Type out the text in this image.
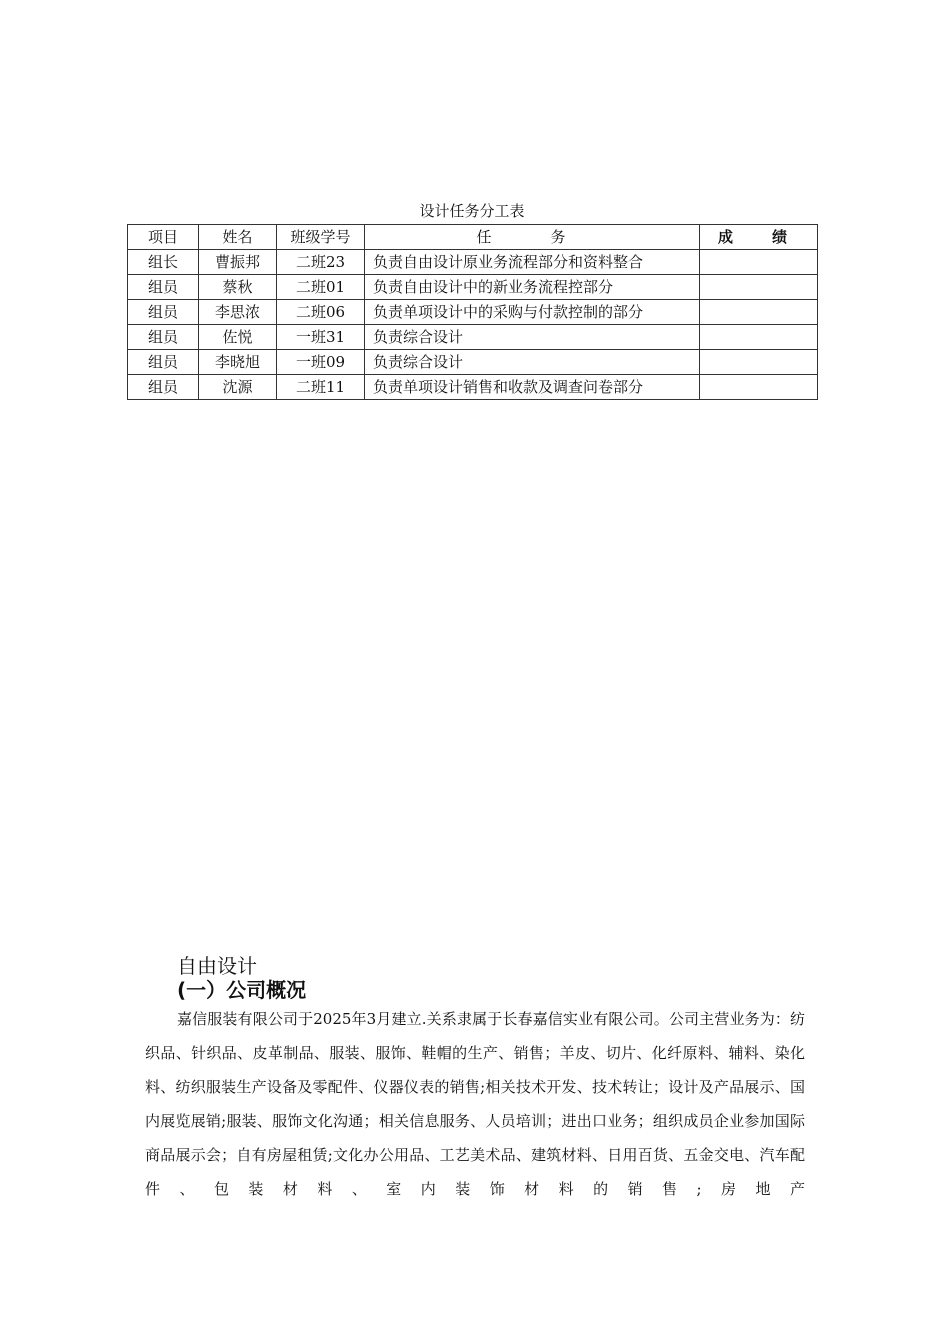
设计任务分工表
项目	姓名	班级学号	任　务	成　绩
组长	曹振邦	二班23	负责自由设计原业务流程部分和资料整合	
组员	蔡秋	二班01	负责自由设计中的新业务流程控部分	
组员	李思浓	二班06	负责单项设计中的采购与付款控制的部分	
组员	佐悦	一班31	负责综合设计	
组员	李晓旭	一班09	负责综合设计	
组员	沈源	二班11	负责单项设计销售和收款及调查问卷部分	
自由设计
(一）公司概况
嘉信服装有限公司于2025年3月建立.关系隶属于长春嘉信实业有限公司。公司主营业务为：纺织品、针织品、皮革制品、服装、服饰、鞋帽的生产、销售；羊皮、切片、化纤原料、辅料、染化料、纺织服装生产设备及零配件、仪器仪表的销售;相关技术开发、技术转让；设计及产品展示、国内展览展销;服装、服饰文化沟通；相关信息服务、人员培训；进出口业务；组织成员企业参加国际商品展示会；自有房屋租赁;文化办公用品、工艺美术品、建筑材料、日用百货、五金交电、汽车配件、包装材料、室内装饰材料的销售;房地产
